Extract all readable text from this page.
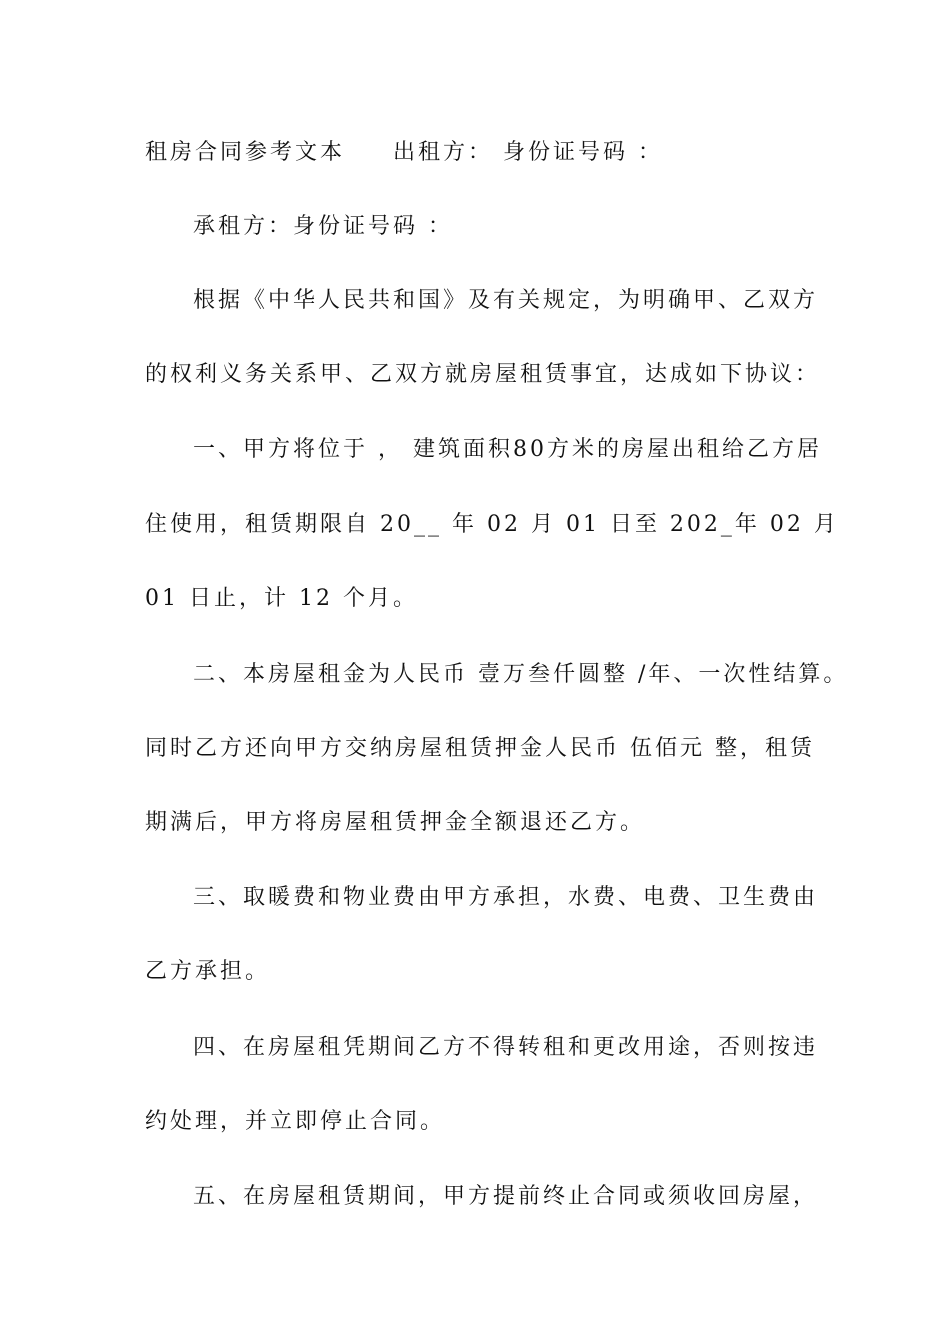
租房合同参考文本 出租方： 身份证号码 ：
承租方：身份证号码 ：
根据《中华人民共和国》及有关规定，为明确甲、乙双方
的权利义务关系甲、乙双方就房屋租赁事宜，达成如下协议：
一、甲方将位于 ， 建筑面积80方米的房屋出租给乙方居
住使用，租赁期限自 20__ 年 02 月 01 日至 202_年 02 月
01 日止，计 12 个月。
二、本房屋租金为人民币 壹万叁仟圆整 /年、一次性结算。
同时乙方还向甲方交纳房屋租赁押金人民币 伍佰元 整，租赁
期满后，甲方将房屋租赁押金全额退还乙方。
三、取暖费和物业费由甲方承担，水费、电费、卫生费由
乙方承担。
四、在房屋租凭期间乙方不得转租和更改用途，否则按违
约处理，并立即停止合同。
五、在房屋租赁期间，甲方提前终止合同或须收回房屋，
